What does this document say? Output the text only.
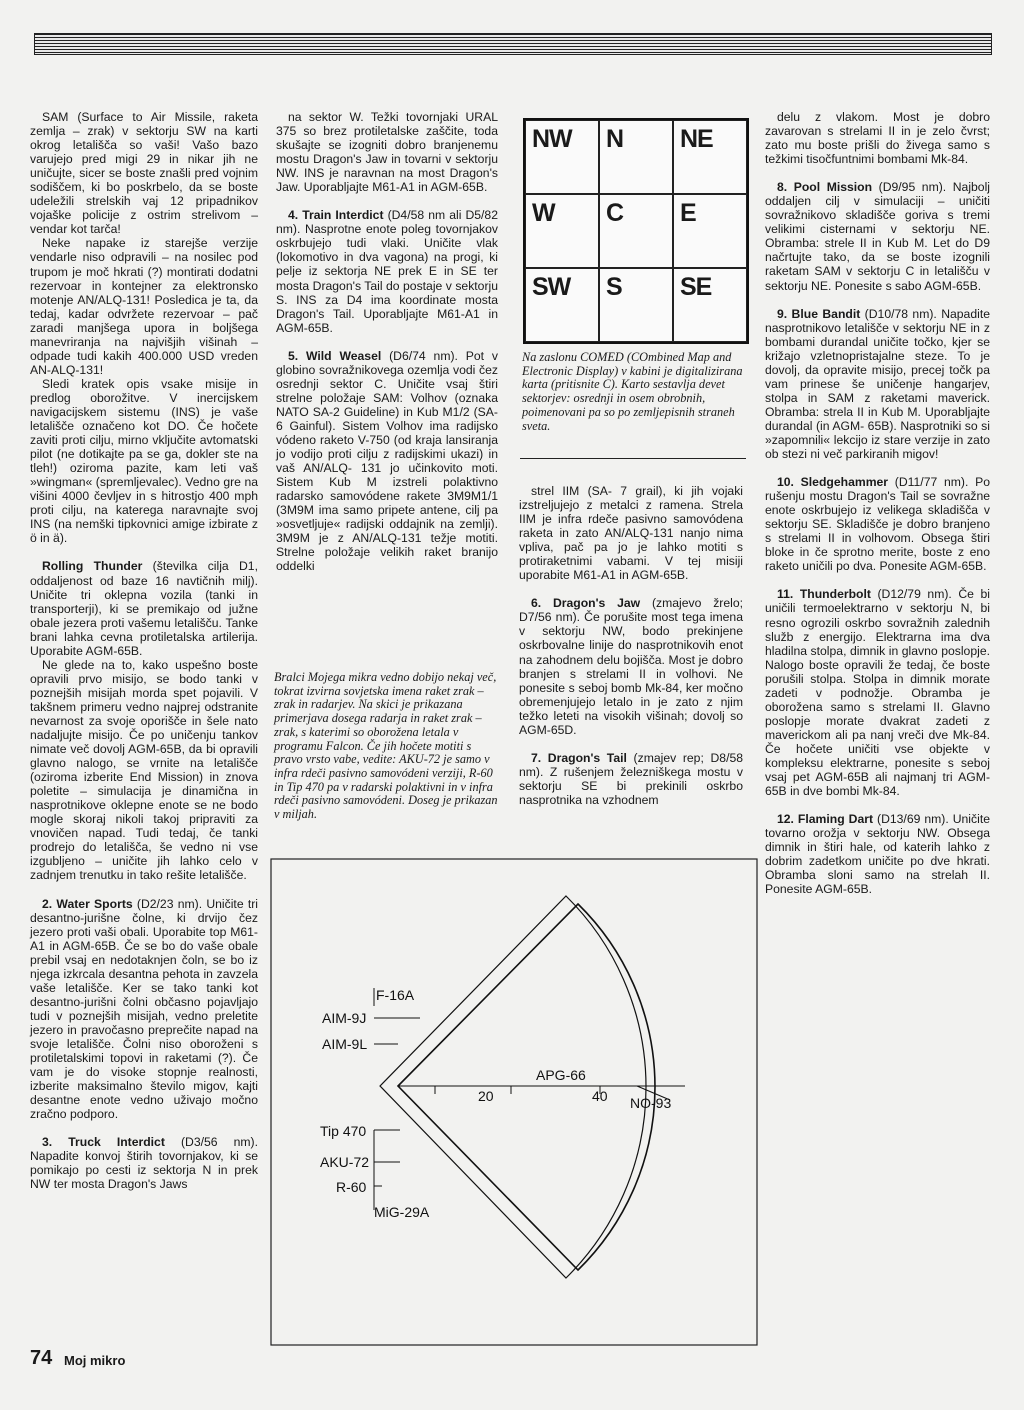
SAM (Surface to Air Missile, raketa zemlja – zrak) v sektorju SW na karti okrog letališča so vaši! Vašo bazo varujejo pred migi 29 in nikar jih ne uničujte, sicer se boste znašli pred vojnim sodiščem, ki bo poskrbelo, da se boste udeležili strelskih vaj 12 pripadnikov vojaške policije z ostrim strelivom – vendar kot tarča!

Neke napake iz starejše verzije vendarle niso odpravili – na nosilec pod trupom je moč hkrati (?) montirati dodatni rezervoar in kontejner za elektronsko motenje AN/ALQ-131! Posledica je ta, da tedaj, kadar odvržete rezervoar – pač zaradi manjšega upora in boljšega manevriranja na najvišjih višinah – odpade tudi kakih 400.000 USD vreden AN-ALQ-131!

Sledi kratek opis vsake misije in predlog oborožitve. V inercijskem navigacijskem sistemu (INS) je vaše letališče označeno kot DO. Če hočete zaviti proti cilju, mirno vključite avtomatski pilot (ne dotikajte pa se ga, dokler ste na tleh!) oziroma pazite, kam leti vaš »wingman« (spremljevalec). Vedno gre na višini 4000 čevljev in s hitrostjo 400 mph proti cilju, na katerega naravnajte svoj INS (na nemški tipkovnici amige izbirate z ö in ä).

Rolling Thunder (številka cilja D1, oddaljenost od baze 16 navtičnih milj). Uničite tri oklepna vozila (tanki in transporterji), ki se premikajo od južne obale jezera proti vašemu letališču. Tanke brani lahka cevna protiletalska artilerija. Uporabite AGM-65B.

Ne glede na to, kako uspešno boste opravili prvo misijo, se bodo tanki v poznejših misijah morda spet pojavili. V takšnem primeru vedno najprej odstranite nevarnost za svoje oporišče in šele nato nadaljujte misijo. Če po uničenju tankov nimate več dovolj AGM-65B, da bi opravili glavno nalogo, se vrnite na letališče (oziroma izberite End Mission) in znova poletite – simulacija je dinamična in nasprotnikove oklepne enote se ne bodo mogle skoraj nikoli takoj pripraviti za vnovičen napad. Tudi tedaj, če tanki prodrejo do letališča, še vedno ni vse izgubljeno – uničite jih lahko celo v zadnjem trenutku in tako rešite letališče.

2. Water Sports (D2/23 nm). Uničite tri desantno-jurišne čolne, ki drvijo čez jezero proti vaši obali. Uporabite top M61-A1 in AGM-65B. Če se bo do vaše obale prebil vsaj en nedotaknjen čoln, se bo iz njega izkrcala desantna pehota in zavzela vaše letališče. Ker se tako tanki kot desantno-jurišni čolni občasno pojavljajo tudi v poznejših misijah, vedno preletite jezero in pravočasno preprečite napad na svoje letališče. Čolni niso oboroženi s protiletalskimi topovi in raketami (?). Če vam je do visoke stopnje realnosti, izberite maksimalno število migov, kajti desantne enote vedno uživajo močno zračno podporo.

3. Truck Interdict (D3/56 nm). Napadite konvoj štirih tovornjakov, ki se pomikajo po cesti iz sektorja N in prek NW ter mosta Dragon's Jaws

na sektor W. Težki tovornjaki URAL 375 so brez protiletalske zaščite, toda skušajte se izogniti dobro branjenemu mostu Dragon's Jaw in tovarni v sektorju NW. INS je naravnan na most Dragon's Jaw. Uporabljajte M61-A1 in AGM-65B.

4. Train Interdict (D4/58 nm ali D5/82 nm). Nasprotne enote poleg tovornjakov oskrbujejo tudi vlaki. Uničite vlak (lokomotivo in dva vagona) na progi, ki pelje iz sektorja NE prek E in SE ter mosta Dragon's Tail do postaje v sektorju S. INS za D4 ima koordinate mosta Dragon's Tail. Uporabljajte M61-A1 in AGM-65B.

5. Wild Weasel (D6/74 nm). Pot v globino sovražnikovega ozemlja vodi čez osrednji sektor C. Uničite vsaj štiri strelne položaje SAM: Volhov (oznaka NATO SA-2 Guideline) in Kub M1/2 (SA-6 Gainful). Sistem Volhov ima radijsko vódeno raketo V-750 (od kraja lansiranja jo vodijo proti cilju z radijskimi ukazi) in vaš AN/ALQ- 131 jo učinkovito moti. Sistem Kub M izstreli polaktivno radarsko samovódene rakete 3M9M1/1 (3M9M ima samo pripete antene, cilj pa »osvetljuje« radijski oddajnik na zemlji). 3M9M je z AN/ALQ-131 težje motiti. Strelne položaje velikih raket branijo oddelki

NW	N	NE
W	C	E
SW	S	SE
Na zaslonu COMED (COmbined Map and Electronic Display) v kabini je digitalizirana karta (pritisnite C). Karto sestavlja devet sektorjev: osrednji in osem obrobnih, poimenovani pa so po zemljepisnih straneh sveta.

strel IIM (SA- 7 grail), ki jih vojaki izstreljujejo z metalci z ramena. Strela IIM je infra rdeče pasivno samovódena raketa in zato AN/ALQ-131 nanjo nima vpliva, pač pa jo je lahko motiti s protiraketnimi vabami. V tej misiji uporabite M61-A1 in AGM-65B.

6. Dragon's Jaw (zmajevo žrelo; D7/56 nm). Če porušite most tega imena v sektorju NW, bodo prekinjene oskrbovalne linije do nasprotnikovih enot na zahodnem delu bojišča. Most je dobro branjen s strelami II in volhovi. Ne ponesite s seboj bomb Mk-84, ker močno obremenjujejo letalo in je zato z njim težko leteti na visokih višinah; dovolj so AGM-65D.

7. Dragon's Tail (zmajev rep; D8/58 nm). Z rušenjem železniškega mostu v sektorju SE bi prekinili oskrbo nasprotnika na vzhodnem

Bralci Mojega mikra vedno dobijo nekaj več, tokrat izvirna sovjetska imena raket zrak – zrak in radarjev. Na skici je prikazana primerjava dosega radarja in raket zrak – zrak, s katerimi so oborožena letala v programu Falcon. Če jih hočete motiti s pravo vrsto vabe, vedite: AKU-72 je samo v infra rdeči pasivno samovódeni verziji, R-60 in Tip 470 pa v radarski polaktivni in v infra rdeči pasivno samovódeni. Doseg je prikazan v miljah.

delu z vlakom. Most je dobro zavarovan s strelami II in je zelo čvrst; zato mu boste prišli do živega samo s težkimi tisočfuntnimi bombami Mk-84.

8. Pool Mission (D9/95 nm). Najbolj oddaljen cilj v simulaciji – uničiti sovražnikovo skladišče goriva s tremi velikimi cisternami v sektorju NE. Obramba: strele II in Kub M. Let do D9 načrtujte tako, da se boste izognili raketam SAM v sektorju C in letališču v sektorju NE. Ponesite s sabo AGM-65B.

9. Blue Bandit (D10/78 nm). Napadite nasprotnikovo letališče v sektorju NE in z bombami durandal uničite točko, kjer se križajo vzletnopristajalne steze. To je dovolj, da opravite misijo, precej točk pa vam prinese še uničenje hangarjev, stolpa in SAM z raketami maverick. Obramba: strela II in Kub M. Uporabljajte durandal (in AGM- 65B). Nasprotniki so si »zapomnili« lekcijo iz stare verzije in zato ob stezi ni več parkiranih migov!

10. Sledgehammer (D11/77 nm). Po rušenju mostu Dragon's Tail se sovražne enote oskrbujejo iz velikega skladišča v sektorju SE. Skladišče je dobro branjeno s strelami II in volhovom. Obsega štiri bloke in če sprotno merite, boste z eno raketo uničili po dva. Ponesite AGM-65B.

11. Thunderbolt (D12/79 nm). Če bi uničili termoelektrarno v sektorju N, bi resno ogrozili oskrbo sovražnih zalednih služb z energijo. Elektrarna ima dva hladilna stolpa, dimnik in glavno poslopje. Nalogo boste opravili že tedaj, če boste porušili stolpa. Stolpa in dimnik morate zadeti v podnožje. Obramba je oborožena samo s strelami II. Glavno poslopje morate dvakrat zadeti z maverickom ali pa nanj vreči dve Mk-84. Če hočete uničiti vse objekte v kompleksu elektrarne, ponesite s seboj vsaj pet AGM-65B ali najmanj tri AGM-65B in dve bombi Mk-84.

12. Flaming Dart (D13/69 nm). Uničite tovarno orožja v sektorju NW. Obsega dimnik in štiri hale, od katerih lahko z dobrim zadetkom uničite po dve hkrati. Obramba sloni samo na strelah II. Ponesite AGM-65B.

F-16A
AIM-9J
AIM-9L
Tip 470
AKU-72
R-60
MiG-29A
20	40
APG-66
NO-93
74 Moj mikro
